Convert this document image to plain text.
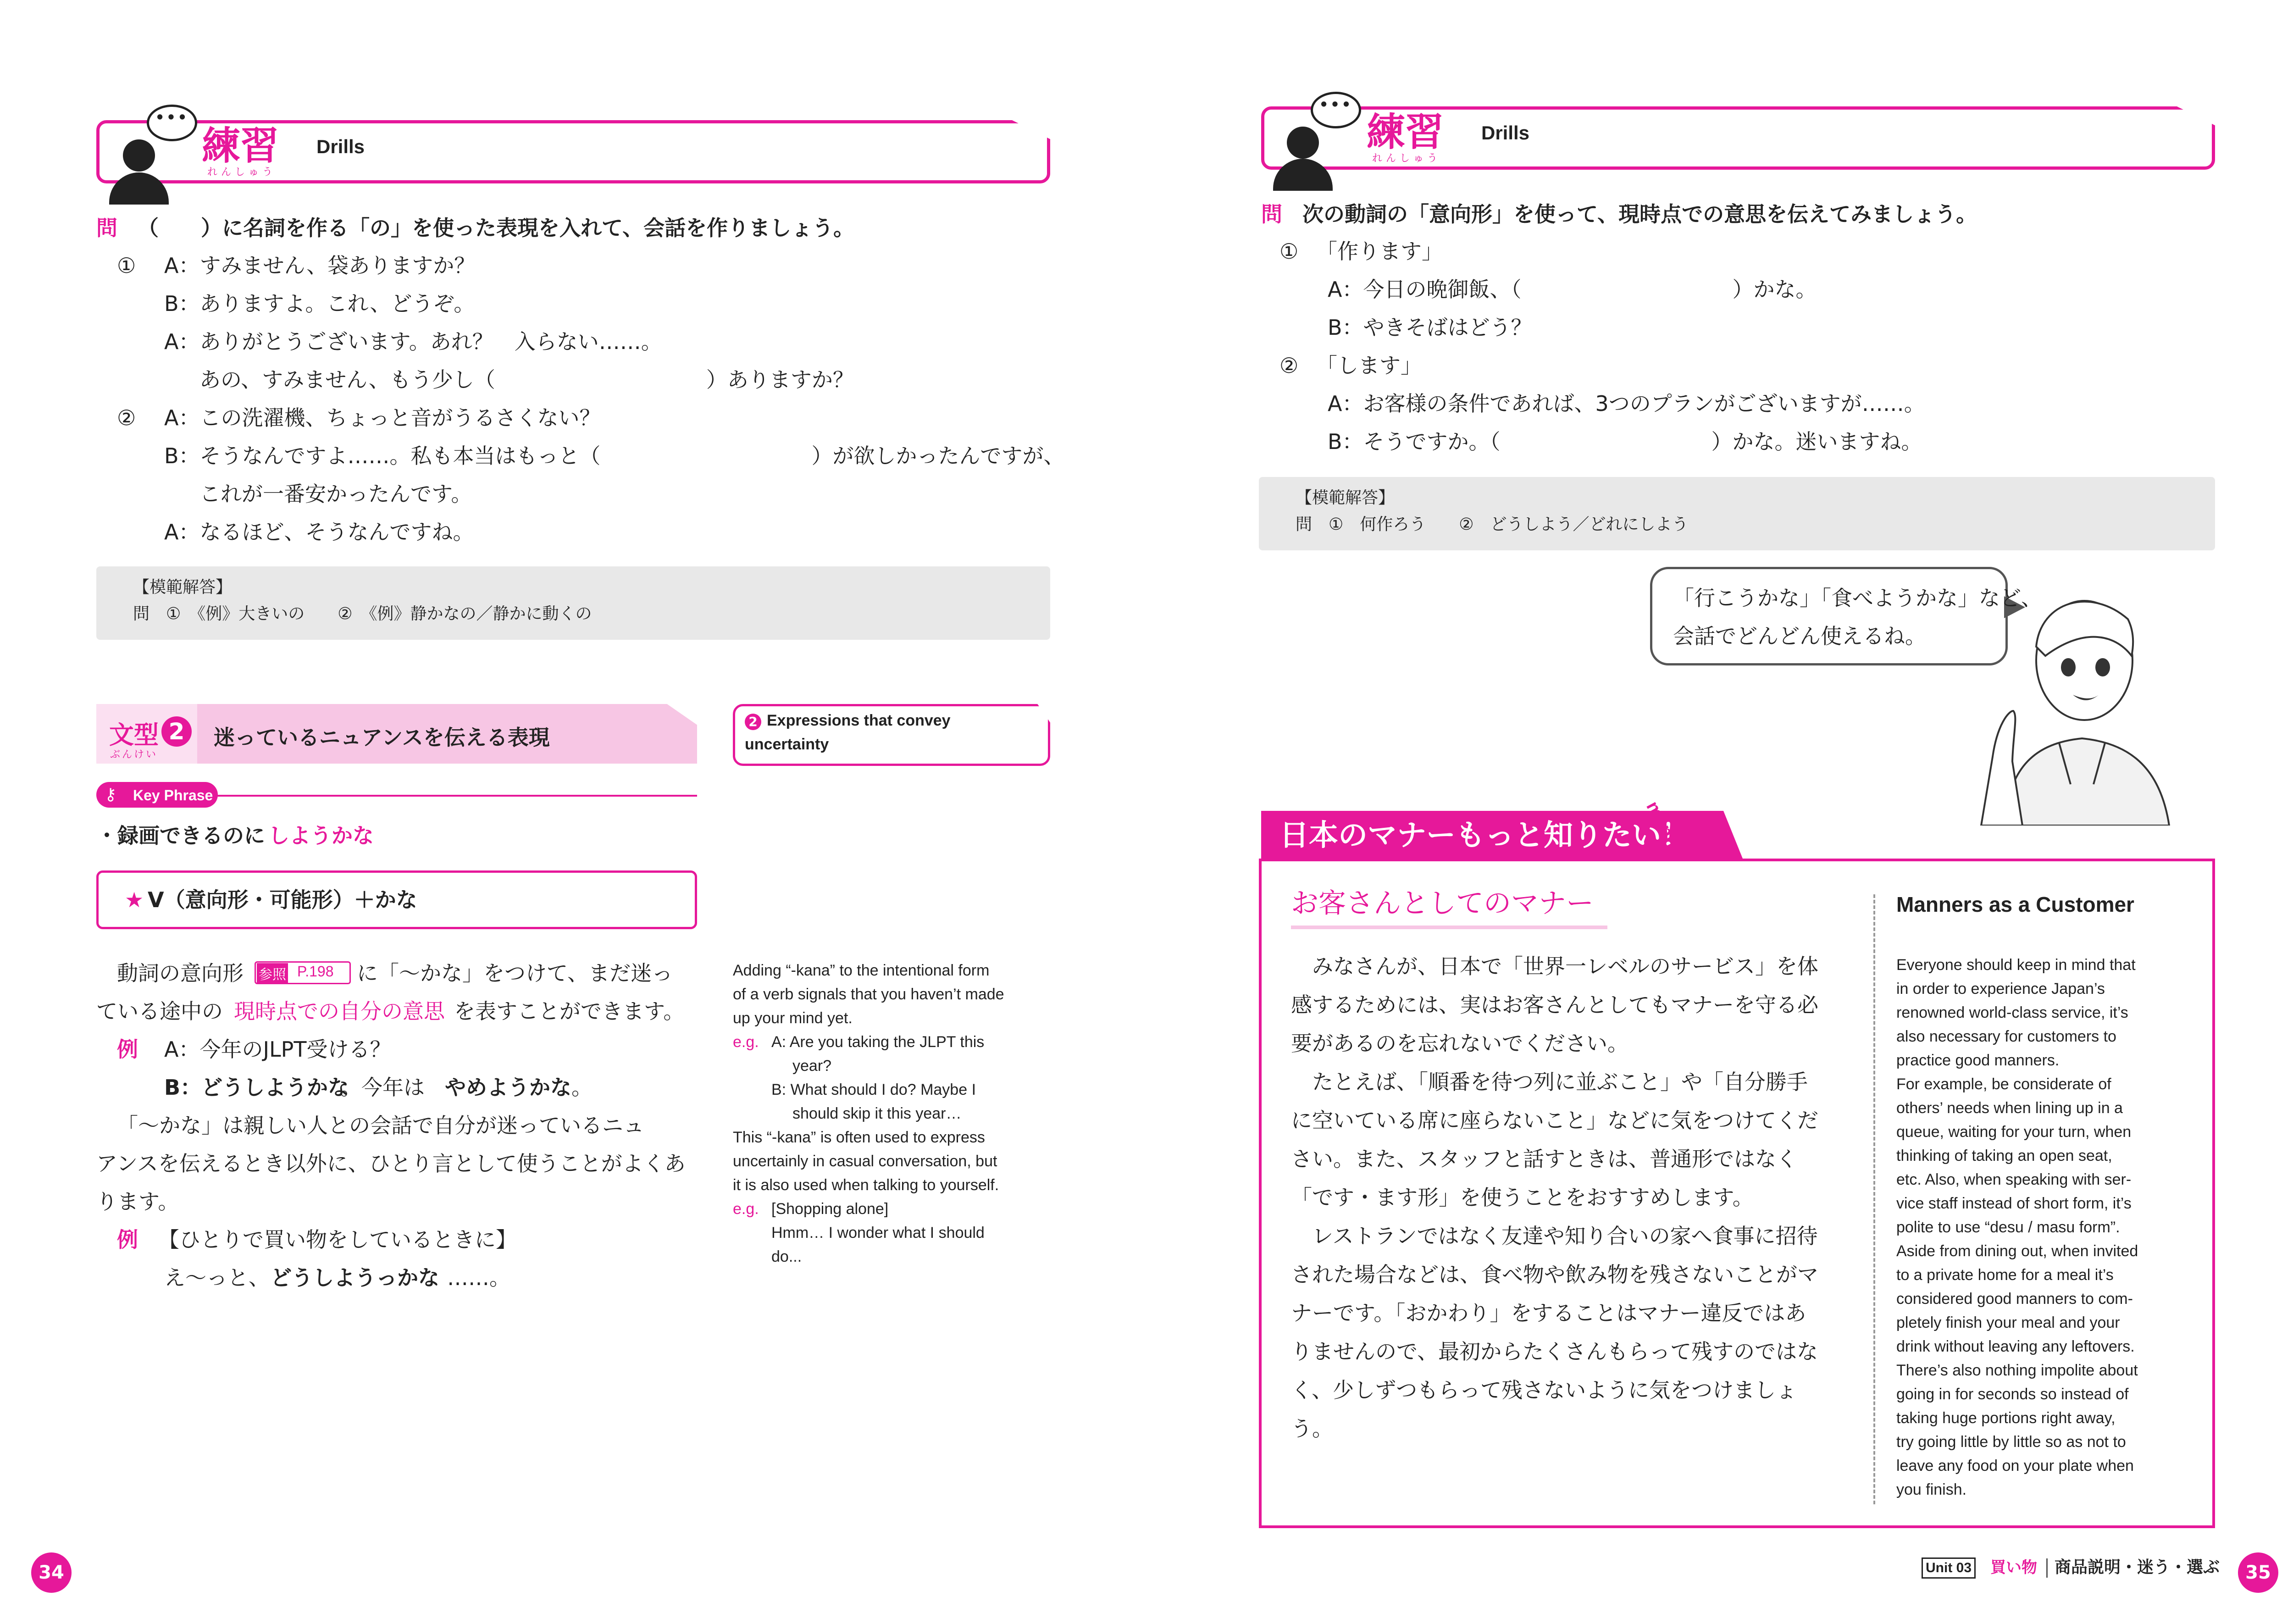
•••
練習
れんしゅう
Drills
問 （　　）に名詞を作る「の」を使った表現を入れて、会話を作りましょう。
① A：すみません、袋ありますか？
B：ありますよ。これ、どうぞ。
A：ありがとうございます。あれ？　入らない……。
あの、すみません、もう少し（　　　　　　　　　　）ありますか？
② A：この洗濯機、ちょっと音がうるさくない？
B：そうなんですよ……。私も本当はもっと（　　　　　　　　　　）が欲しかったんですが、
これが一番安かったんです。
A：なるほど、そうなんですね。
【模範解答】
問　①　《例》大きいの　　②　《例》静かなの／静かに動くの
文型 2
ぶんけい
迷っているニュアンスを伝える表現
2 Expressions that convey
uncertainty
⚷ Key Phrase
・録画できるのに しようかな
★ V（意向形・可能形）＋かな
動詞の意向形 参照 P.198 に「〜かな」をつけて、まだ迷っ
ている途中の 現時点での自分の意思 を表すことができます。
例 A：今年のJLPT受ける？
B：どうしようかな
。今年は やめようかな 。
「〜かな」は親しい人との会話で自分が迷っているニュ
アンスを伝えるとき以外に、ひとり言として使うことがよくあ
ります。
例 【ひとりで買い物をしているときに】
え〜っと、 どうしようっかな ……。
Adding “-kana” to the intentional form
of a verb signals that you haven’t made
up your mind yet.
e.g. A: Are you taking the JLPT this
year?
B: What should I do? Maybe I
should skip it this year…
This “-kana” is often used to express
uncertainly in casual conversation, but
it is also used when talking to yourself.
e.g. [Shopping alone]
Hmm… I wonder what I should
do...
34
•••
練習
れんしゅう
Drills
問 次の動詞の「意向形」を使って、現時点での意思を伝えてみましょう。
① 「作ります」
A：今日の晩御飯、（　　　　　　　　　　）かな。
B：やきそばはどう？
② 「します」
A：お客様の条件であれば、3つのプランがございますが……。
B：そうですか。（　　　　　　　　　　）かな。迷いますね。
【模範解答】
問　①　何作ろう　　②　どうしよう／どれにしよう
「行こうかな」「食べようかな」など、
会話でどんどん使えるね。
日本のマナーもっと知りたい！
お客さんとしてのマナー
　みなさんが、日本で「世界一レベルのサービス」を体
感するためには、実はお客さんとしてもマナーを守る必
要があるのを忘れないでください。
　たとえば、「順番を待つ列に並ぶこと」や「自分勝手
に空いている席に座らないこと」などに気をつけてくだ
さい。また、スタッフと話すときは、普通形ではなく
「です・ます形」を使うことをおすすめします。
　レストランではなく友達や知り合いの家へ食事に招待
された場合などは、食べ物や飲み物を残さないことがマ
ナーです。「おかわり」をすることはマナー違反ではあ
りませんので、最初からたくさんもらって残すのではな
く、少しずつもらって残さないように気をつけましょ
う。
Manners as a Customer
Everyone should keep in mind that
in order to experience Japan’s
renowned world-class service, it’s
also necessary for customers to
practice good manners.
For example, be considerate of
others’ needs when lining up in a
queue, waiting for your turn, when
thinking of taking an open seat,
etc. Also, when speaking with ser-
vice staff instead of short form, it’s
polite to use “desu / masu form”.
Aside from dining out, when invited
to a private home for a meal it’s
considered good manners to com-
pletely finish your meal and your
drink without leaving any leftovers.
There’s also nothing impolite about
going in for seconds so instead of
taking huge portions right away,
try going little by little so as not to
leave any food on your plate when
you finish.
Unit 03 買い物 商品説明・迷う・選ぶ	35
